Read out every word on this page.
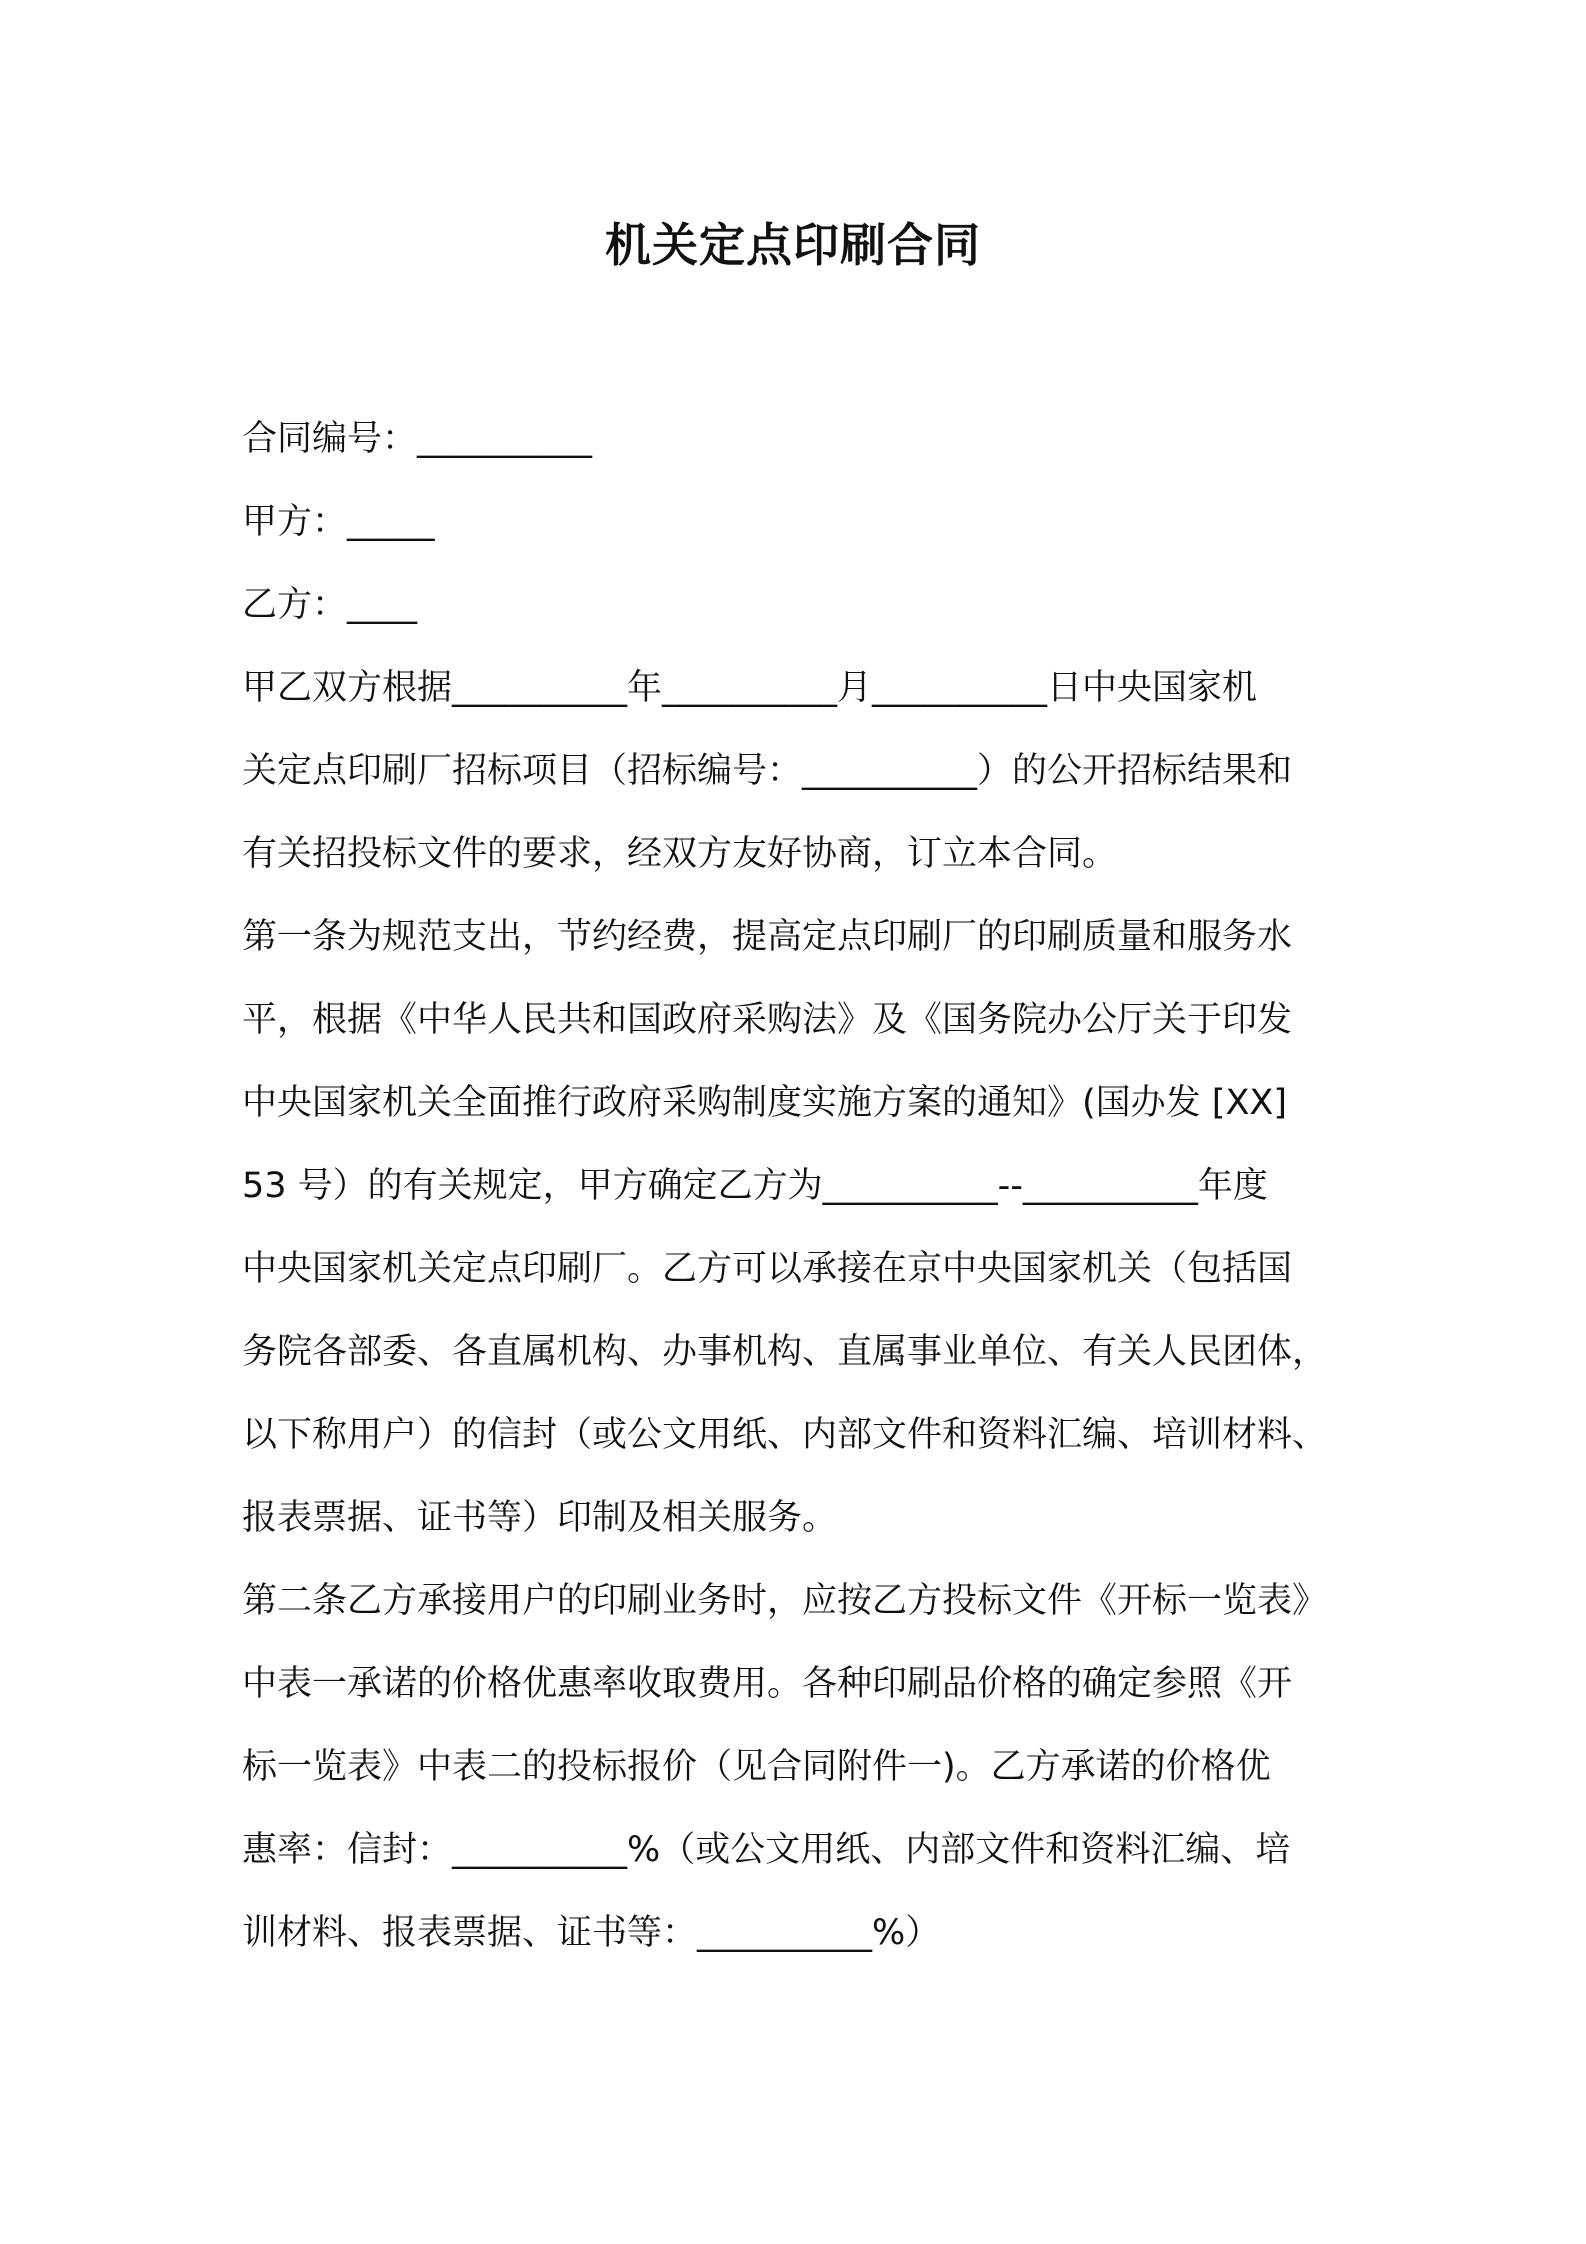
机关定点印刷合同
合同编号：__________
甲方：_____
乙方：____
甲乙双方根据__________年__________月__________日中央国家机
关定点印刷厂招标项目（招标编号：__________）的公开招标结果和
有关招投标文件的要求，经双方友好协商，订立本合同。
第一条为规范支出，节约经费，提高定点印刷厂的印刷质量和服务水
平，根据《中华人民共和国政府采购法》及《国务院办公厅关于印发
中央国家机关全面推行政府采购制度实施方案的通知》(国办发 [XX]
53 号）的有关规定，甲方确定乙方为__________--__________年度
中央国家机关定点印刷厂。乙方可以承接在京中央国家机关（包括国
务院各部委、各直属机构、办事机构、直属事业单位、有关人民团体，
以下称用户）的信封（或公文用纸、内部文件和资料汇编、培训材料、
报表票据、证书等）印制及相关服务。
第二条乙方承接用户的印刷业务时，应按乙方投标文件《开标一览表》
中表一承诺的价格优惠率收取费用。各种印刷品价格的确定参照《开
标一览表》中表二的投标报价（见合同附件一)。乙方承诺的价格优
惠率：信封：__________%（或公文用纸、内部文件和资料汇编、培
训材料、报表票据、证书等：__________%）
